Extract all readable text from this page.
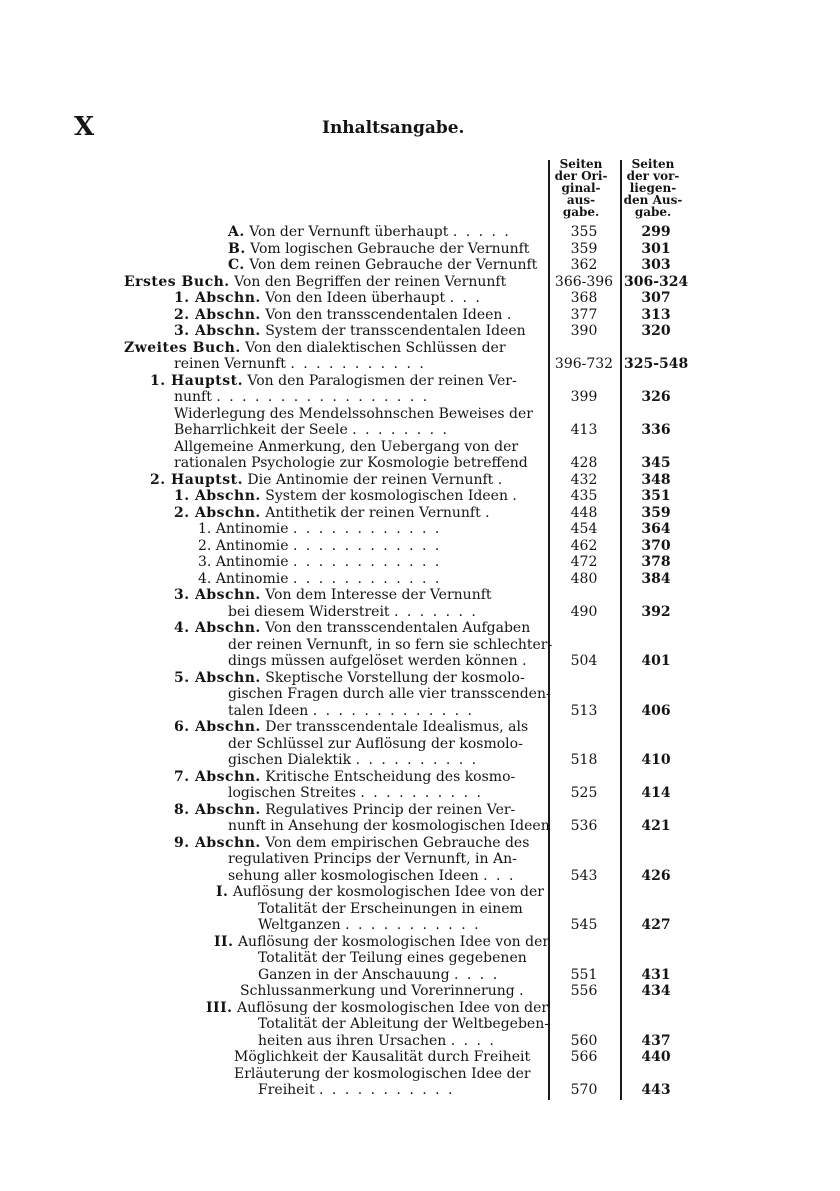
X	Inhaltsangabe.
Seiten
der Ori-
ginal-
aus-
gabe.
Seiten
der vor-
liegen-
den Aus-
gabe.
A. Von der Vernunft überhaupt . . . . .	355	299
B. Vom logischen Gebrauche der Vernunft	359	301
C. Von dem reinen Gebrauche der Vernunft	362	303
Erstes Buch. Von den Begriffen der reinen Vernunft	366-396 306-324
1. Abschn. Von den Ideen überhaupt . . .	368	307
2. Abschn. Von den transscendentalen Ideen .	377	313
3. Abschn. System der transscendentalen Ideen	390	320
Zweites Buch. Von den dialektischen Schlüssen der
reinen Vernunft . . . . . . . . . . .	396-732 325-548
1. Hauptst. Von den Paralogismen der reinen Ver-
nunft . . . . . . . . . . . . . . . . .	399	326
Widerlegung des Mendelssohnschen Beweises der
Beharrlichkeit der Seele . . . . . . . .	413	336
Allgemeine Anmerkung, den Uebergang von der
rationalen Psychologie zur Kosmologie betreffend	428	345
2. Hauptst. Die Antinomie der reinen Vernunft .	432	348
1. Abschn. System der kosmologischen Ideen .	435	351
2. Abschn. Antithetik der reinen Vernunft .	448	359
1. Antinomie . . . . . . . . . . . .	454	364
2. Antinomie . . . . . . . . . . . .	462	370
3. Antinomie . . . . . . . . . . . .	472	378
4. Antinomie . . . . . . . . . . . .	480	384
3. Abschn. Von dem Interesse der Vernunft
bei diesem Widerstreit . . . . . . .	490	392
4. Abschn. Von den transscendentalen Aufgaben
der reinen Vernunft, in so fern sie schlechter-
dings müssen aufgelöset werden können .	504	401
5. Abschn. Skeptische Vorstellung der kosmolo-
gischen Fragen durch alle vier transscenden-
talen Ideen . . . . . . . . . . . . .	513	406
6. Abschn. Der transscendentale Idealismus, als
der Schlüssel zur Auflösung der kosmolo-
gischen Dialektik . . . . . . . . . .	518	410
7. Abschn. Kritische Entscheidung des kosmo-
logischen Streites . . . . . . . . . .	525	414
8. Abschn. Regulatives Princip der reinen Ver-
nunft in Ansehung der kosmologischen Ideen	536	421
9. Abschn. Von dem empirischen Gebrauche des
regulativen Princips der Vernunft, in An-
sehung aller kosmologischen Ideen . . .	543	426
I. Auflösung der kosmologischen Idee von der
Totalität der Erscheinungen in einem
Weltganzen . . . . . . . . . . .	545	427
II. Auflösung der kosmologischen Idee von der
Totalität der Teilung eines gegebenen
Ganzen in der Anschauung . . . .	551	431
Schlussanmerkung und Vorerinnerung .	556	434
III. Auflösung der kosmologischen Idee von der
Totalität der Ableitung der Weltbegeben-
heiten aus ihren Ursachen . . . .	560	437
Möglichkeit der Kausalität durch Freiheit	566	440
Erläuterung der kosmologischen Idee der
Freiheit . . . . . . . . . . .	570	443
